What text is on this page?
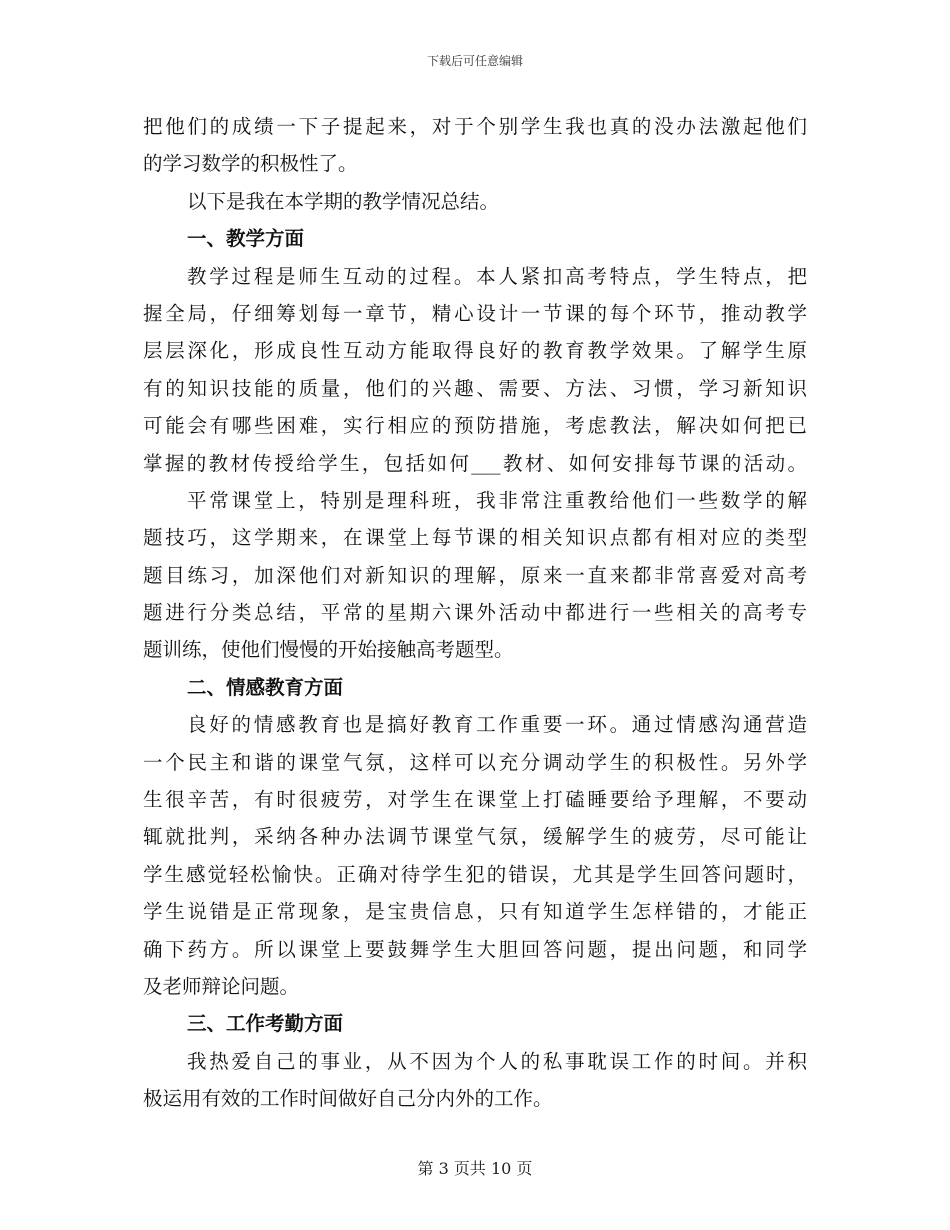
下载后可任意编辑
把他们的成绩一下子提起来，对于个别学生我也真的没办法激起他们
的学习数学的积极性了。
以下是我在本学期的教学情况总结。
一、教学方面
教学过程是师生互动的过程。本人紧扣高考特点，学生特点，把
握全局，仔细筹划每一章节，精心设计一节课的每个环节，推动教学
层层深化，形成良性互动方能取得良好的教育教学效果。了解学生原
有的知识技能的质量，他们的兴趣、需要、方法、习惯，学习新知识
可能会有哪些困难，实行相应的预防措施，考虑教法，解决如何把已
掌握的教材传授给学生，包括如何___教材、如何安排每节课的活动。
平常课堂上，特别是理科班，我非常注重教给他们一些数学的解
题技巧，这学期来，在课堂上每节课的相关知识点都有相对应的类型
题目练习，加深他们对新知识的理解，原来一直来都非常喜爱对高考
题进行分类总结，平常的星期六课外活动中都进行一些相关的高考专
题训练，使他们慢慢的开始接触高考题型。
二、情感教育方面
良好的情感教育也是搞好教育工作重要一环。通过情感沟通营造
一个民主和谐的课堂气氛，这样可以充分调动学生的积极性。另外学
生很辛苦，有时很疲劳，对学生在课堂上打磕睡要给予理解，不要动
辄就批判，采纳各种办法调节课堂气氛，缓解学生的疲劳，尽可能让
学生感觉轻松愉快。正确对待学生犯的错误，尤其是学生回答问题时，
学生说错是正常现象，是宝贵信息，只有知道学生怎样错的，才能正
确下药方。所以课堂上要鼓舞学生大胆回答问题，提出问题，和同学
及老师辩论问题。
三、工作考勤方面
我热爱自己的事业，从不因为个人的私事耽误工作的时间。并积
极运用有效的工作时间做好自己分内外的工作。
第 3 页共 10 页
